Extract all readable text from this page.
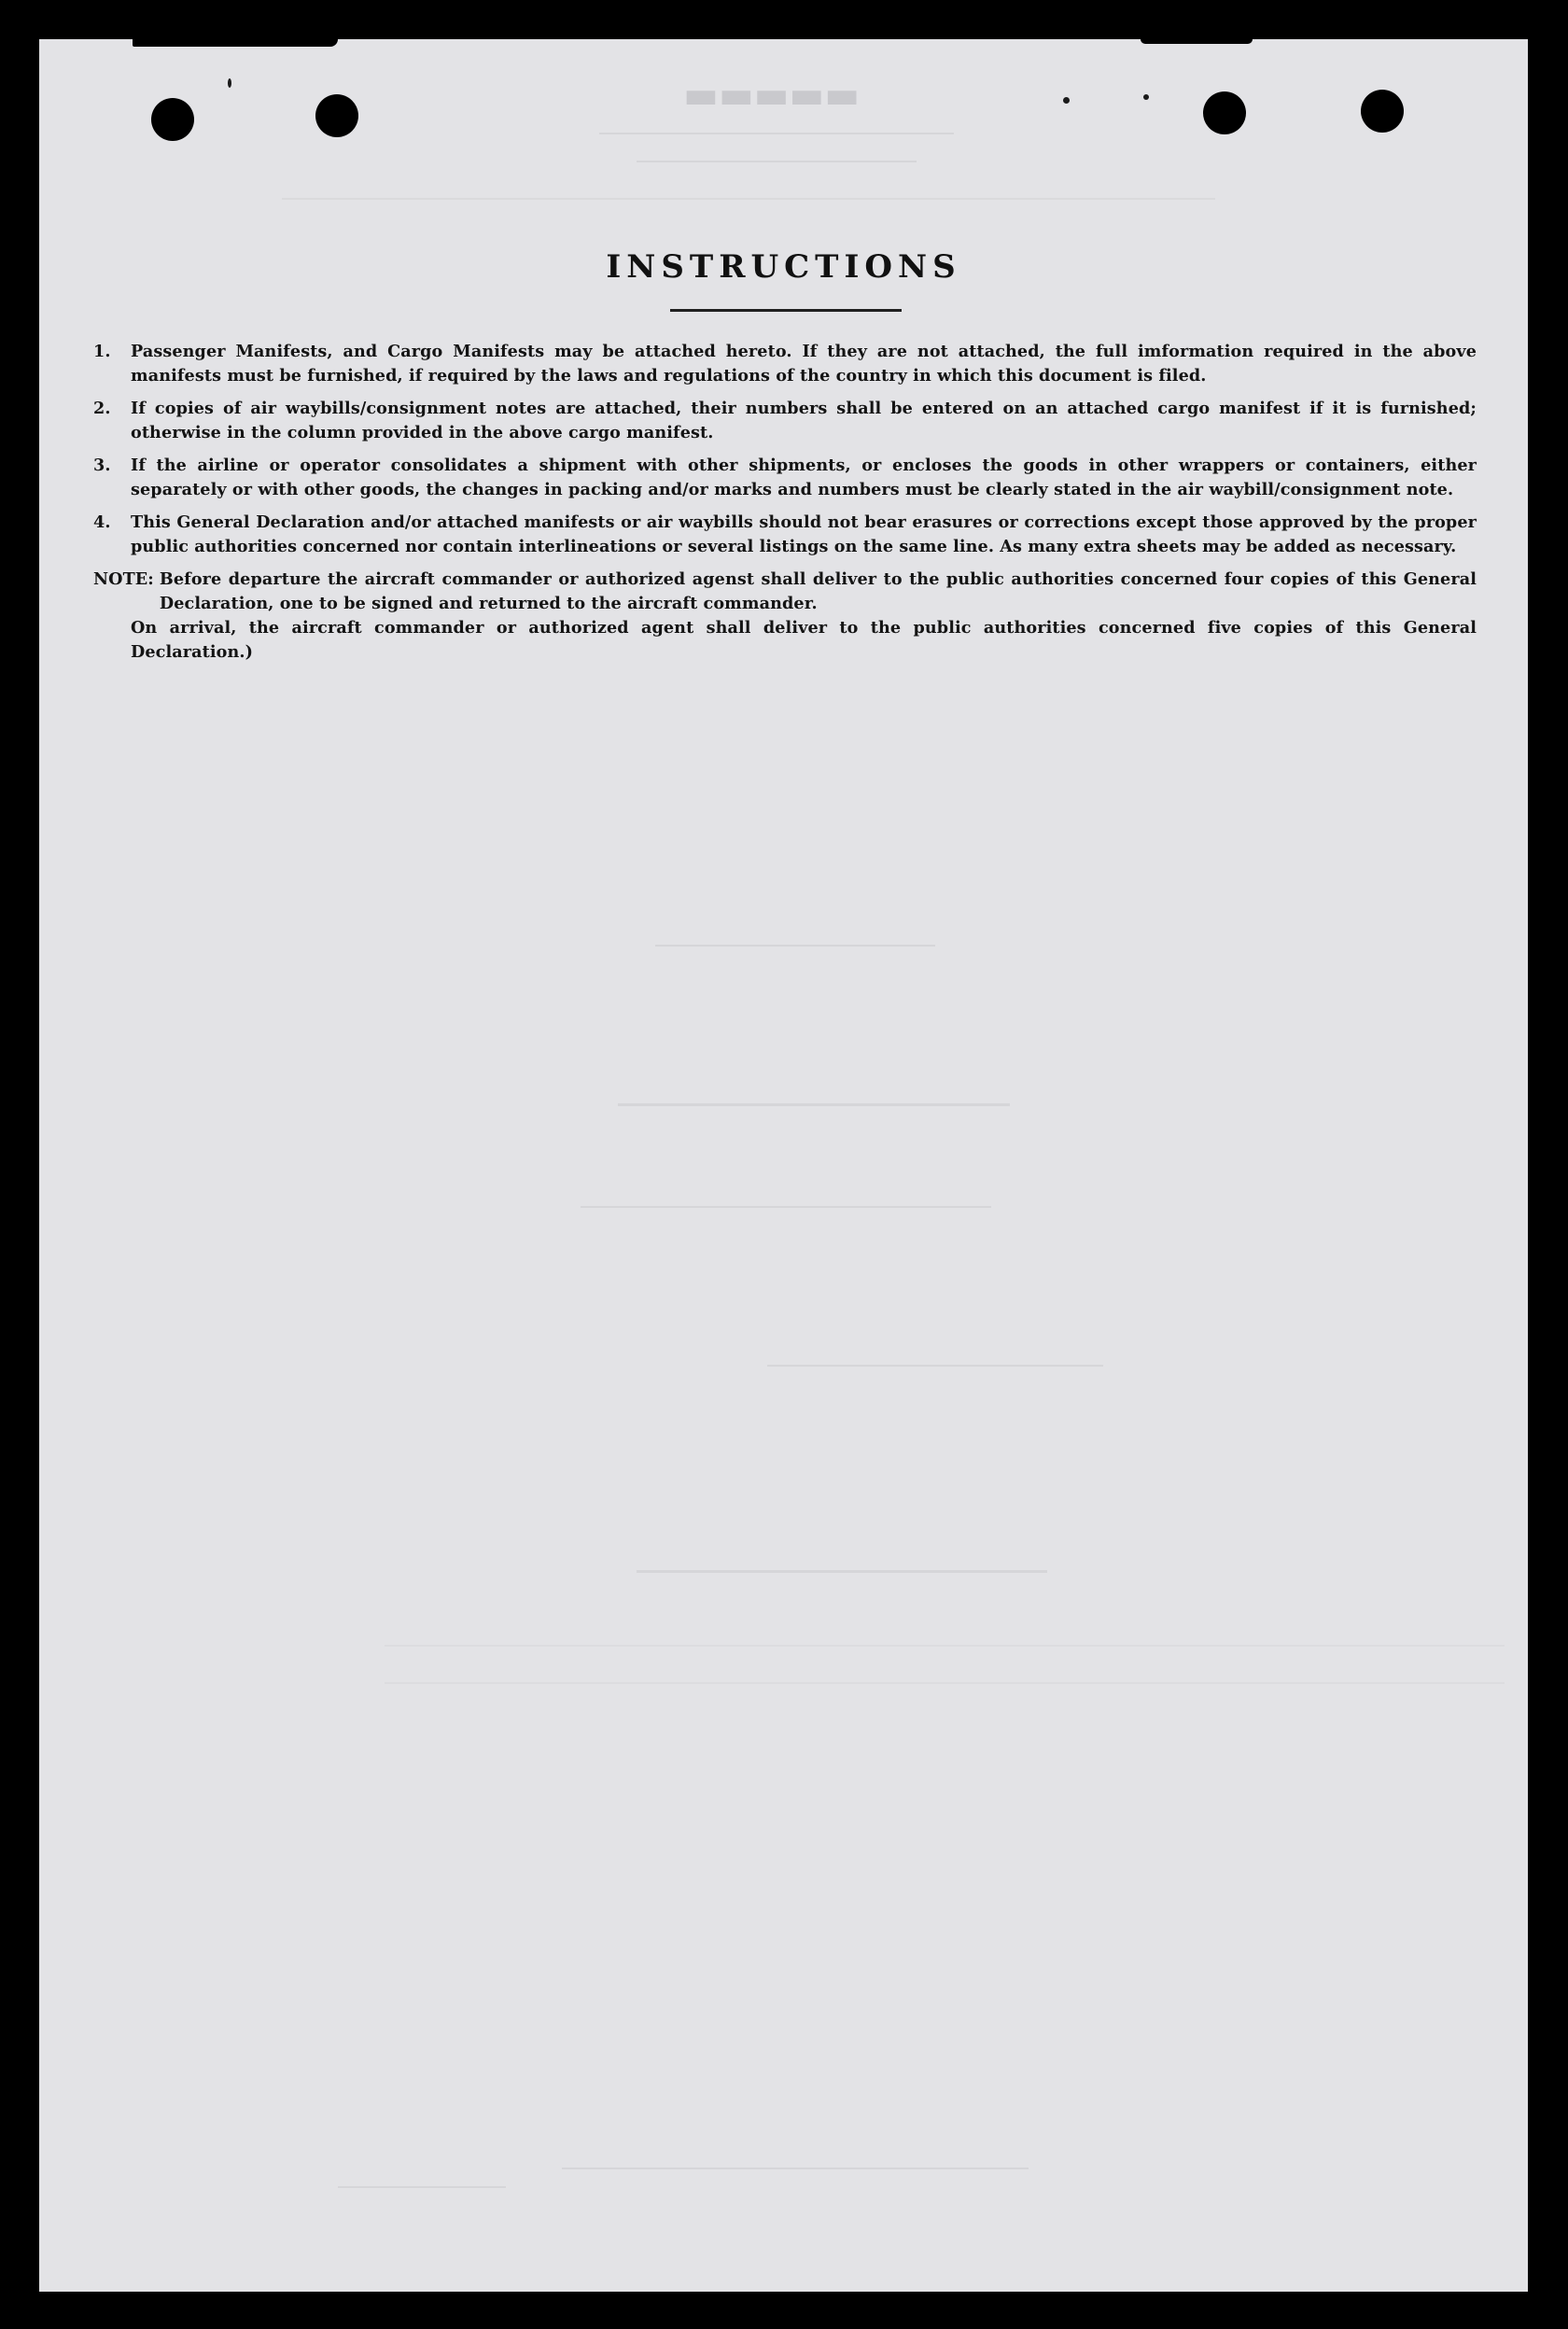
▬▬▬▬▬
INSTRUCTIONS
1.	Passenger Manifests, and Cargo Manifests may be attached hereto. If they are not attached, the full imformation required in the above manifests must be furnished, if required by the laws and regulations of the country in which this document is filed.
2.	If copies of air waybills/consignment notes are attached, their numbers shall be entered on an attached cargo manifest if it is furnished; otherwise in the column provided in the above cargo manifest.
3.	If the airline or operator consolidates a shipment with other shipments, or encloses the goods in other wrappers or containers, either separately or with other goods, the changes in packing and/or marks and numbers must be clearly stated in the air waybill/consignment note.
4.	This General Declaration and/or attached manifests or air waybills should not bear erasures or corrections except those approved by the proper public authorities concerned nor contain interlineations or several listings on the same line. As many extra sheets may be added as necessary.
NOTE: Before departure the aircraft commander or authorized agenst shall deliver to the public authorities concerned four copies of this General Declaration, one to be signed and returned to the aircraft commander.
On arrival, the aircraft commander or authorized agent shall deliver to the public authorities concerned five copies of this General Declaration.)
